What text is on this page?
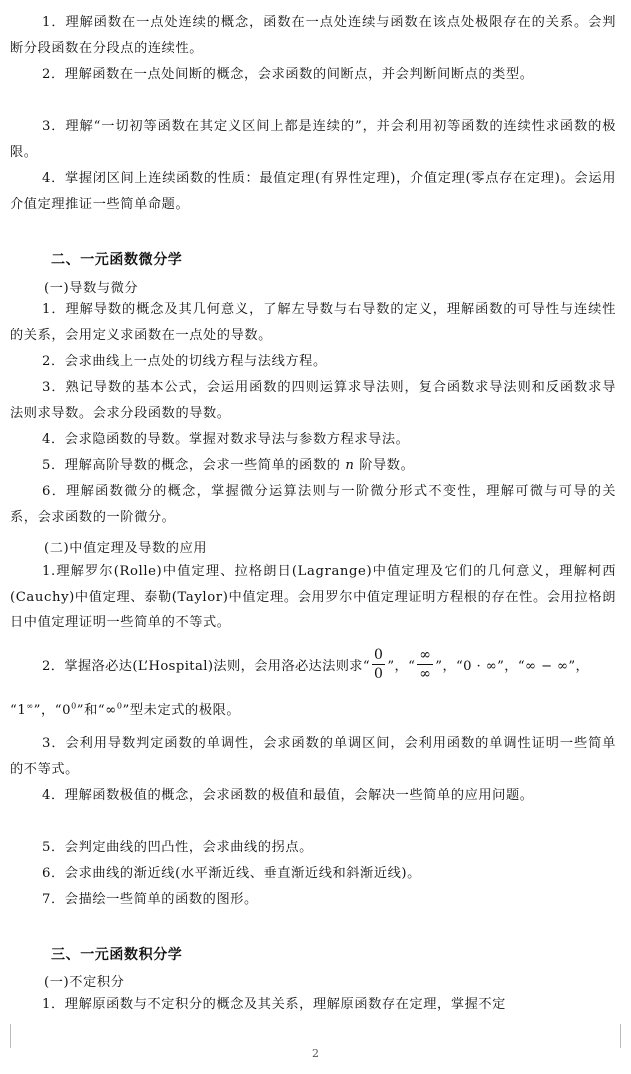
1．理解函数在一点处连续的概念，函数在一点处连续与函数在该点处极限存在的关系。会判断分段函数在分段点的连续性。

2．理解函数在一点处间断的概念，会求函数的间断点，并会判断间断点的类型。

3．理解“一切初等函数在其定义区间上都是连续的”，并会利用初等函数的连续性求函数的极限。

4．掌握闭区间上连续函数的性质：最值定理(有界性定理)，介值定理(零点存在定理)。会运用介值定理推证一些简单命题。

二、一元函数微分学

(一)导数与微分

1．理解导数的概念及其几何意义，了解左导数与右导数的定义，理解函数的可导性与连续性的关系，会用定义求函数在一点处的导数。

2．会求曲线上一点处的切线方程与法线方程。

3．熟记导数的基本公式，会运用函数的四则运算求导法则，复合函数求导法则和反函数求导法则求导数。会求分段函数的导数。

4．会求隐函数的导数。掌握对数求导法与参数方程求导法。

5．理解高阶导数的概念，会求一些简单的函数的 n 阶导数。

6．理解函数微分的概念，掌握微分运算法则与一阶微分形式不变性，理解可微与可导的关系，会求函数的一阶微分。

(二)中值定理及导数的应用

1.理解罗尔(Rolle)中值定理、拉格朗日(Lagrange)中值定理及它们的几何意义，理解柯西(Cauchy)中值定理、泰勒(Taylor)中值定理。会用罗尔中值定理证明方程根的存在性。会用拉格朗日中值定理证明一些简单的不等式。

2．掌握洛必达(L’Hospital)法则，会用洛必达法则求“ $\frac{0}{0}$ ”，“ $\frac{\infty}{\infty}$ ”，“0 · ∞”，“∞ − ∞”，
“1∞”，“$0^0$”和“∞$^0$”型未定式的极限。

3．会利用导数判定函数的单调性，会求函数的单调区间，会利用函数的单调性证明一些简单的不等式。

4．理解函数极值的概念，会求函数的极值和最值，会解决一些简单的应用问题。

5．会判定曲线的凹凸性，会求曲线的拐点。

6．会求曲线的渐近线(水平渐近线、垂直渐近线和斜渐近线)。

7．会描绘一些简单的函数的图形。

三、一元函数积分学

(一)不定积分

1．理解原函数与不定积分的概念及其关系，理解原函数存在定理，掌握不定

2
